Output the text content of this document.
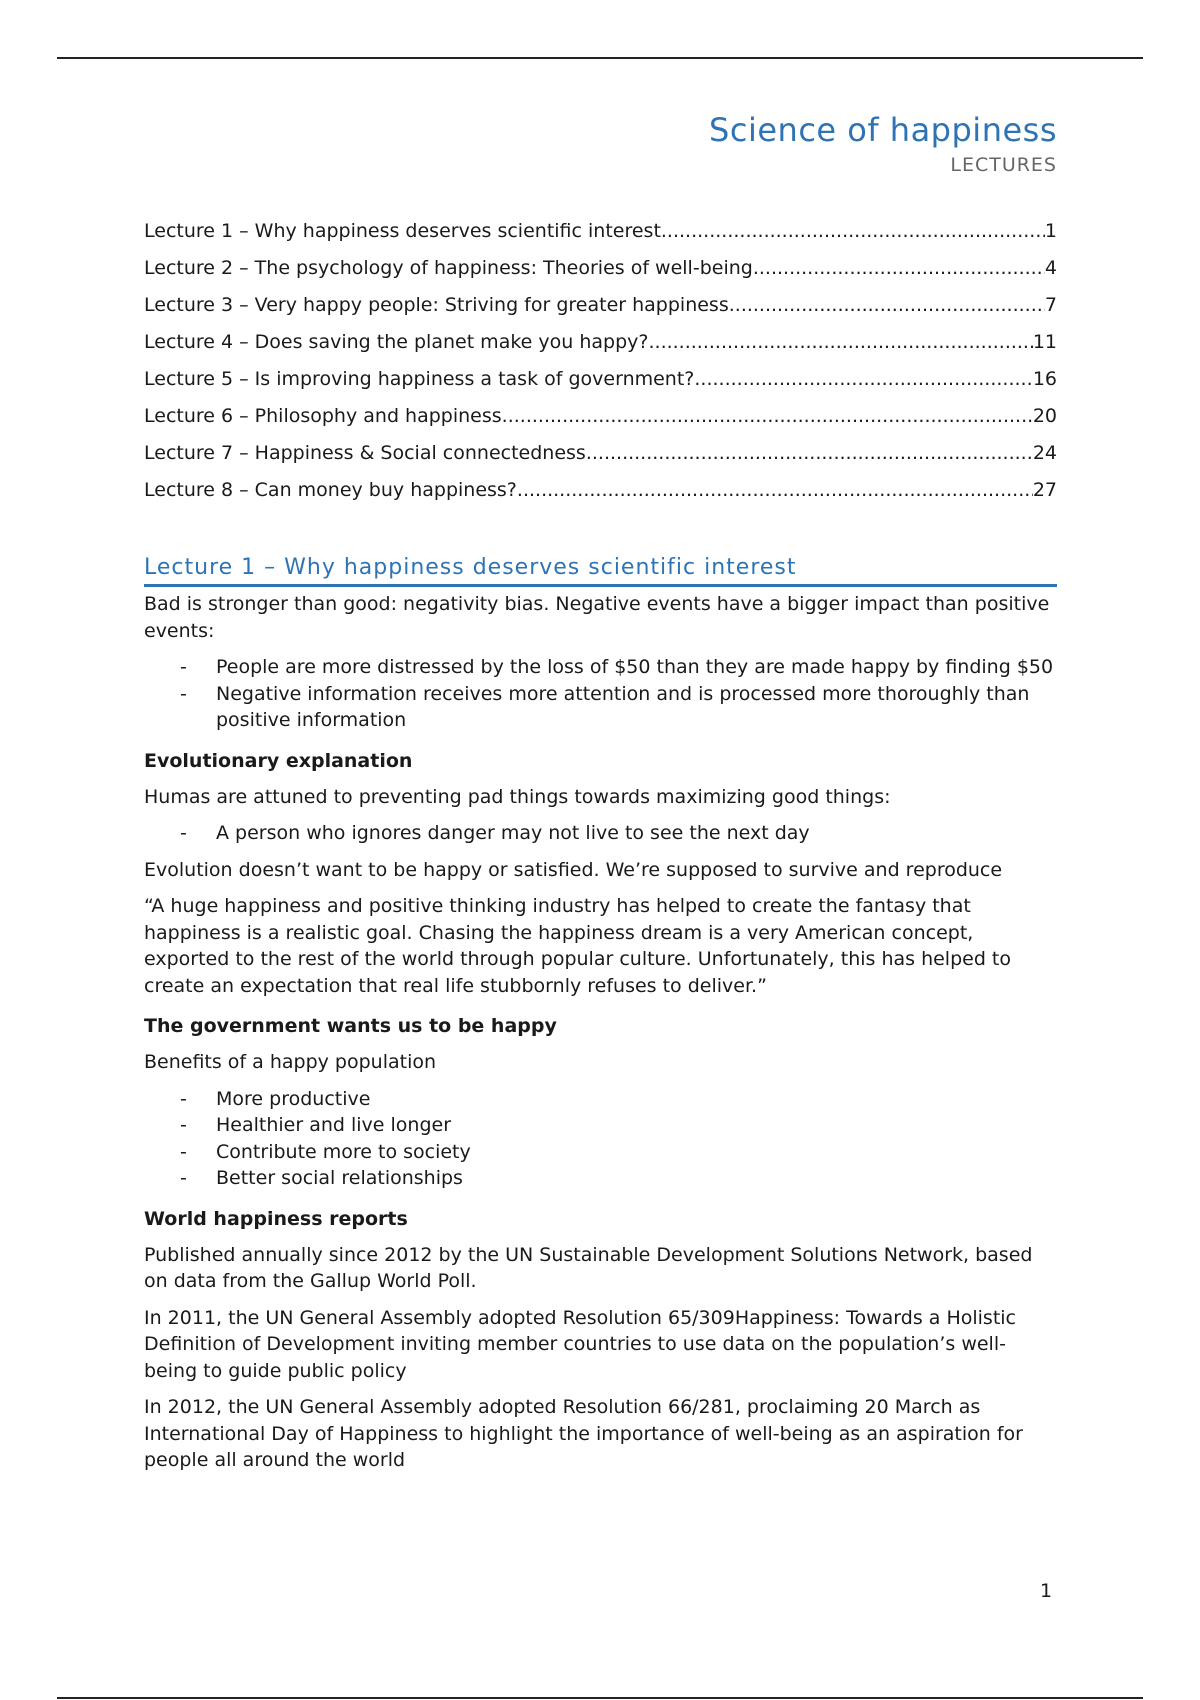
Science of happiness
LECTURES
Lecture 1 – Why happiness deserves scientific interest .....	1
Lecture 2 – The psychology of happiness: Theories of well-being .....	4
Lecture 3 – Very happy people: Striving for greater happiness .....	7
Lecture 4 – Does saving the planet make you happy? .....	11
Lecture 5 – Is improving happiness a task of government? .....	16
Lecture 6 – Philosophy and happiness .....	20
Lecture 7 – Happiness & Social connectedness .....	24
Lecture 8 – Can money buy happiness? .....	27
Lecture 1 – Why happiness deserves scientific interest

Bad is stronger than good: negativity bias. Negative events have a bigger impact than positive events:

- People are more distressed by the loss of $50 than they are made happy by finding $50
- Negative information receives more attention and is processed more thoroughly than positive information
Evolutionary explanation

Humas are attuned to preventing pad things towards maximizing good things:

- A person who ignores danger may not live to see the next day

Evolution doesn’t want to be happy or satisfied. We’re supposed to survive and reproduce

“A huge happiness and positive thinking industry has helped to create the fantasy that happiness is a realistic goal. Chasing the happiness dream is a very American concept, exported to the rest of the world through popular culture. Unfortunately, this has helped to create an expectation that real life stubbornly refuses to deliver.”

The government wants us to be happy

Benefits of a happy population

- More productive
- Healthier and live longer
- Contribute more to society
- Better social relationships
World happiness reports

Published annually since 2012 by the UN Sustainable Development Solutions Network, based on data from the Gallup World Poll.

In 2011, the UN General Assembly adopted Resolution 65/309Happiness: Towards a Holistic Definition of Development inviting member countries to use data on the population’s well-being to guide public policy

In 2012, the UN General Assembly adopted Resolution 66/281, proclaiming 20 March as International Day of Happiness to highlight the importance of well-being as an aspiration for people all around the world

1
